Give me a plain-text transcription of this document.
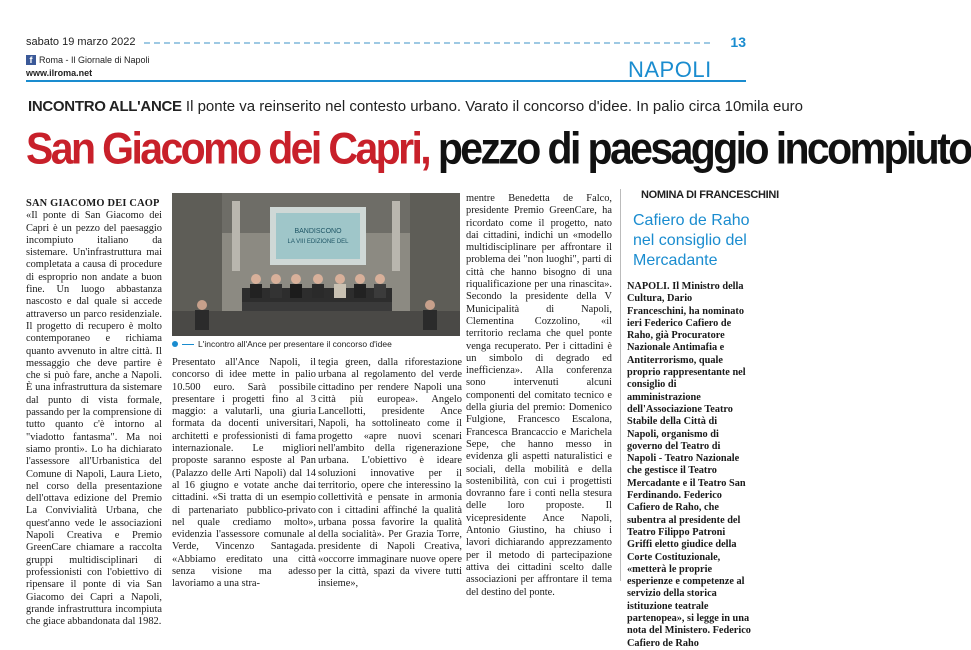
sabato 19 marzo 2022	13
f Roma - Il Giornale di Napoli
www.ilroma.net	NAPOLI
INCONTRO ALL'ANCE Il ponte va reinserito nel contesto urbano. Varato il concorso d'idee. In palio circa 10mila euro
San Giacomo dei Capri, pezzo di paesaggio incompiuto
SAN GIACOMO DEI CAOP
«Il ponte di San Giacomo dei Capri è un pezzo del paesaggio incompiuto italiano da sistemare. Un'infrastruttura mai completata a causa di procedure di esproprio non andate a buon fine. Un luogo abbastanza nascosto e dal quale si accede attraverso un parco residenziale. Il progetto di recupero è molto contemporaneo e richiama quanto avvenuto in altre città. Il messaggio che deve partire è che si può fare, anche a Napoli. È una infrastruttura da sistemare dal punto di vista formale, passando per la comprensione di tutto quanto c'è intorno al "viadotto fantasma". Ma noi siamo pronti». Lo ha dichiarato l'assessore all'Urbanistica del Comune di Napoli, Laura Lieto, nel corso della presentazione dell'ottava edizione del Premio La Convivialità Urbana, che quest'anno vede le associazioni Napoli Creativa e Premio GreenCare chiamare a raccolta gruppi multidisciplinari di professionisti con l'obiettivo di ripensare il ponte di via San Giacomo dei Capri a Napoli, grande infrastruttura incompiuta che giace abbandonata dal 1982.
BANDISCONO
LA VIII EDIZIONE DEL
L'incontro all'Ance per presentare il concorso d'idee
Presentato all'Ance Napoli, il concorso di idee mette in palio 10.500 euro. Sarà possibile presentare i progetti fino al 3 maggio: a valutarli, una giuria formata da docenti universitari, architetti e professionisti di fama internazionale. Le migliori proposte saranno esposte al Pan (Palazzo delle Arti Napoli) dal 14 al 16 giugno e votate anche dai cittadini. «Si tratta di un esempio di partenariato pubblico-privato nel quale crediamo molto», evidenzia l'assessore comunale al Verde, Vincenzo Santagada. «Abbiamo ereditato una città senza visione ma adesso lavoriamo a una stra-
tegia green, dalla riforestazione urbana al regolamento del verde cittadino per rendere Napoli una città più europea». Angelo Lancellotti, presidente Ance Napoli, ha sottolineato come il progetto «apre nuovi scenari nell'ambito della rigenerazione urbana. L'obiettivo è ideare soluzioni innovative per il territorio, opere che interessino la collettività e pensate in armonia con i cittadini affinché la qualità urbana possa favorire la qualità della socialità». Per Grazia Torre, presidente di Napoli Creativa, «occorre immaginare nuove opere per la città, spazi da vivere tutti insieme»,
mentre Benedetta de Falco, presidente Premio GreenCare, ha ricordato come il progetto, nato dai cittadini, indichi un «modello multidisciplinare per affrontare il problema dei "non luoghi", parti di città che hanno bisogno di una riqualificazione per una rinascita». Secondo la presidente della V Municipalità di Napoli, Clementina Cozzolino, «il territorio reclama che quel ponte venga recuperato. Per i cittadini è un simbolo di degrado ed inefficienza». Alla conferenza sono intervenuti alcuni componenti del comitato tecnico e della giuria del premio: Domenico Fulgione, Francesco Escalona, Francesca Brancaccio e Marichela Sepe, che hanno messo in evidenza gli aspetti naturalistici e sociali, della mobilità e della sostenibilità, con cui i progettisti dovranno fare i conti nella stesura delle loro proposte. Il vicepresidente Ance Napoli, Antonio Giustino, ha chiuso i lavori dichiarando apprezzamento per il metodo di partecipazione attiva dei cittadini scelto dalle associazioni per affrontare il tema del destino del ponte.
NOMINA DI FRANCESCHINI
Cafiero de Raho nel consiglio del Mercadante
NAPOLI. Il Ministro della Cultura, Dario Franceschini, ha nominato ieri Federico Cafiero de Raho, già Procuratore Nazionale Antimafia e Antiterrorismo, quale proprio rappresentante nel consiglio di amministrazione dell'Associazione Teatro Stabile della Città di Napoli, organismo di governo del Teatro di Napoli - Teatro Nazionale che gestisce il Teatro Mercadante e il Teatro San Ferdinando. Federico Cafiero de Raho, che subentra al presidente del Teatro Filippo Patroni Griffi eletto giudice della Corte Costituzionale, «metterà le proprie esperienze e competenze al servizio della storica istituzione teatrale partenopea», si legge in una nota del Ministero. Federico Cafiero de Raho
